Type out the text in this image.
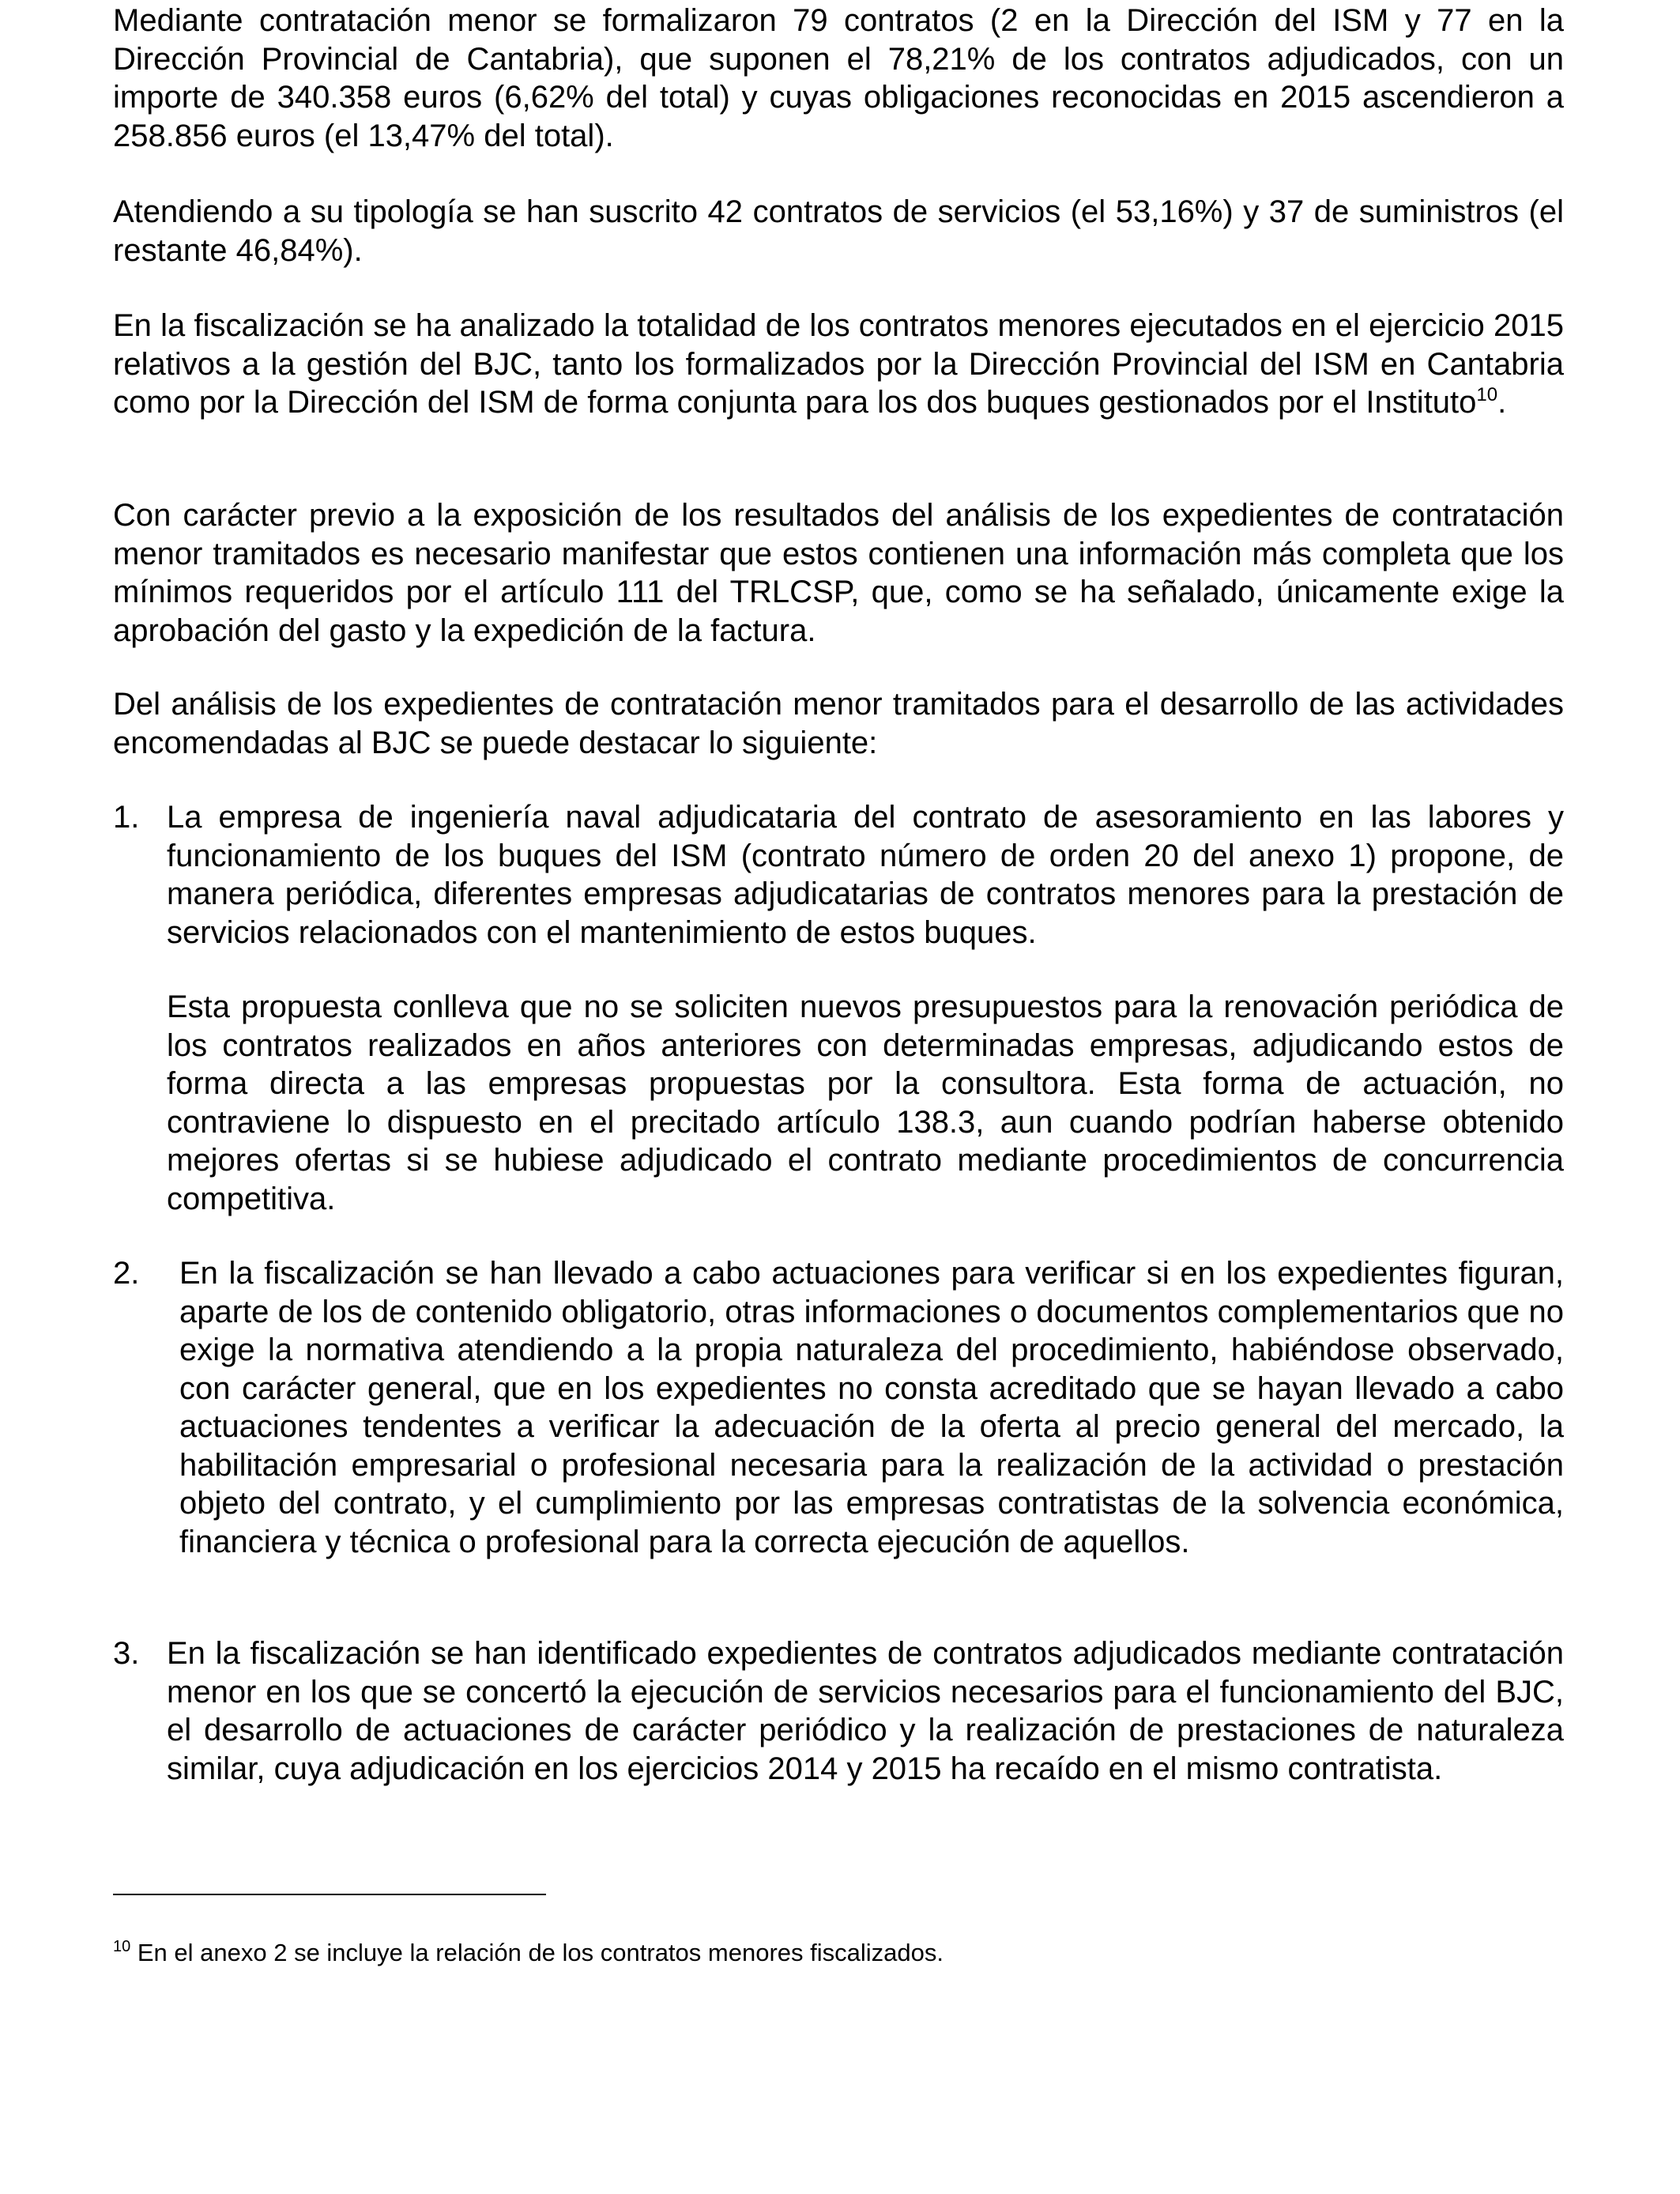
Mediante contratación menor se formalizaron 79 contratos (2 en la Dirección del ISM y 77 en la Dirección Provincial de Cantabria), que suponen el 78,21% de los contratos adjudicados, con un importe de 340.358 euros (6,62% del total) y cuyas obligaciones reconocidas en 2015 ascendieron a 258.856 euros (el 13,47% del total).

Atendiendo a su tipología se han suscrito 42 contratos de servicios (el 53,16%) y 37 de suministros (el restante 46,84%).

En la fiscalización se ha analizado la totalidad de los contratos menores ejecutados en el ejercicio 2015 relativos a la gestión del BJC, tanto los formalizados por la Dirección Provincial del ISM en Cantabria como por la Dirección del ISM de forma conjunta para los dos buques gestionados por el Instituto$^{10}$.

Con carácter previo a la exposición de los resultados del análisis de los expedientes de contratación menor tramitados es necesario manifestar que estos contienen una información más completa que los mínimos requeridos por el artículo 111 del TRLCSP, que, como se ha señalado, únicamente exige la aprobación del gasto y la expedición de la factura.

Del análisis de los expedientes de contratación menor tramitados para el desarrollo de las actividades encomendadas al BJC se puede destacar lo siguiente:

1. La empresa de ingeniería naval adjudicataria del contrato de asesoramiento en las labores y funcionamiento de los buques del ISM (contrato número de orden 20 del anexo 1) propone, de manera periódica, diferentes empresas adjudicatarias de contratos menores para la prestación de servicios relacionados con el mantenimiento de estos buques.

Esta propuesta conlleva que no se soliciten nuevos presupuestos para la renovación periódica de los contratos realizados en años anteriores con determinadas empresas, adjudicando estos de forma directa a las empresas propuestas por la consultora. Esta forma de actuación, no contraviene lo dispuesto en el precitado artículo 138.3, aun cuando podrían haberse obtenido mejores ofertas si se hubiese adjudicado el contrato mediante procedimientos de concurrencia competitiva.

2. En la fiscalización se han llevado a cabo actuaciones para verificar si en los expedientes figuran, aparte de los de contenido obligatorio, otras informaciones o documentos complementarios que no exige la normativa atendiendo a la propia naturaleza del procedimiento, habiéndose observado, con carácter general, que en los expedientes no consta acreditado que se hayan llevado a cabo actuaciones tendentes a verificar la adecuación de la oferta al precio general del mercado, la habilitación empresarial o profesional necesaria para la realización de la actividad o prestación objeto del contrato, y el cumplimiento por las empresas contratistas de la solvencia económica, financiera y técnica o profesional para la correcta ejecución de aquellos.

3. En la fiscalización se han identificado expedientes de contratos adjudicados mediante contratación menor en los que se concertó la ejecución de servicios necesarios para el funcionamiento del BJC, el desarrollo de actuaciones de carácter periódico y la realización de prestaciones de naturaleza similar, cuya adjudicación en los ejercicios 2014 y 2015 ha recaído en el mismo contratista.

$^{10}$ En el anexo 2 se incluye la relación de los contratos menores fiscalizados.
